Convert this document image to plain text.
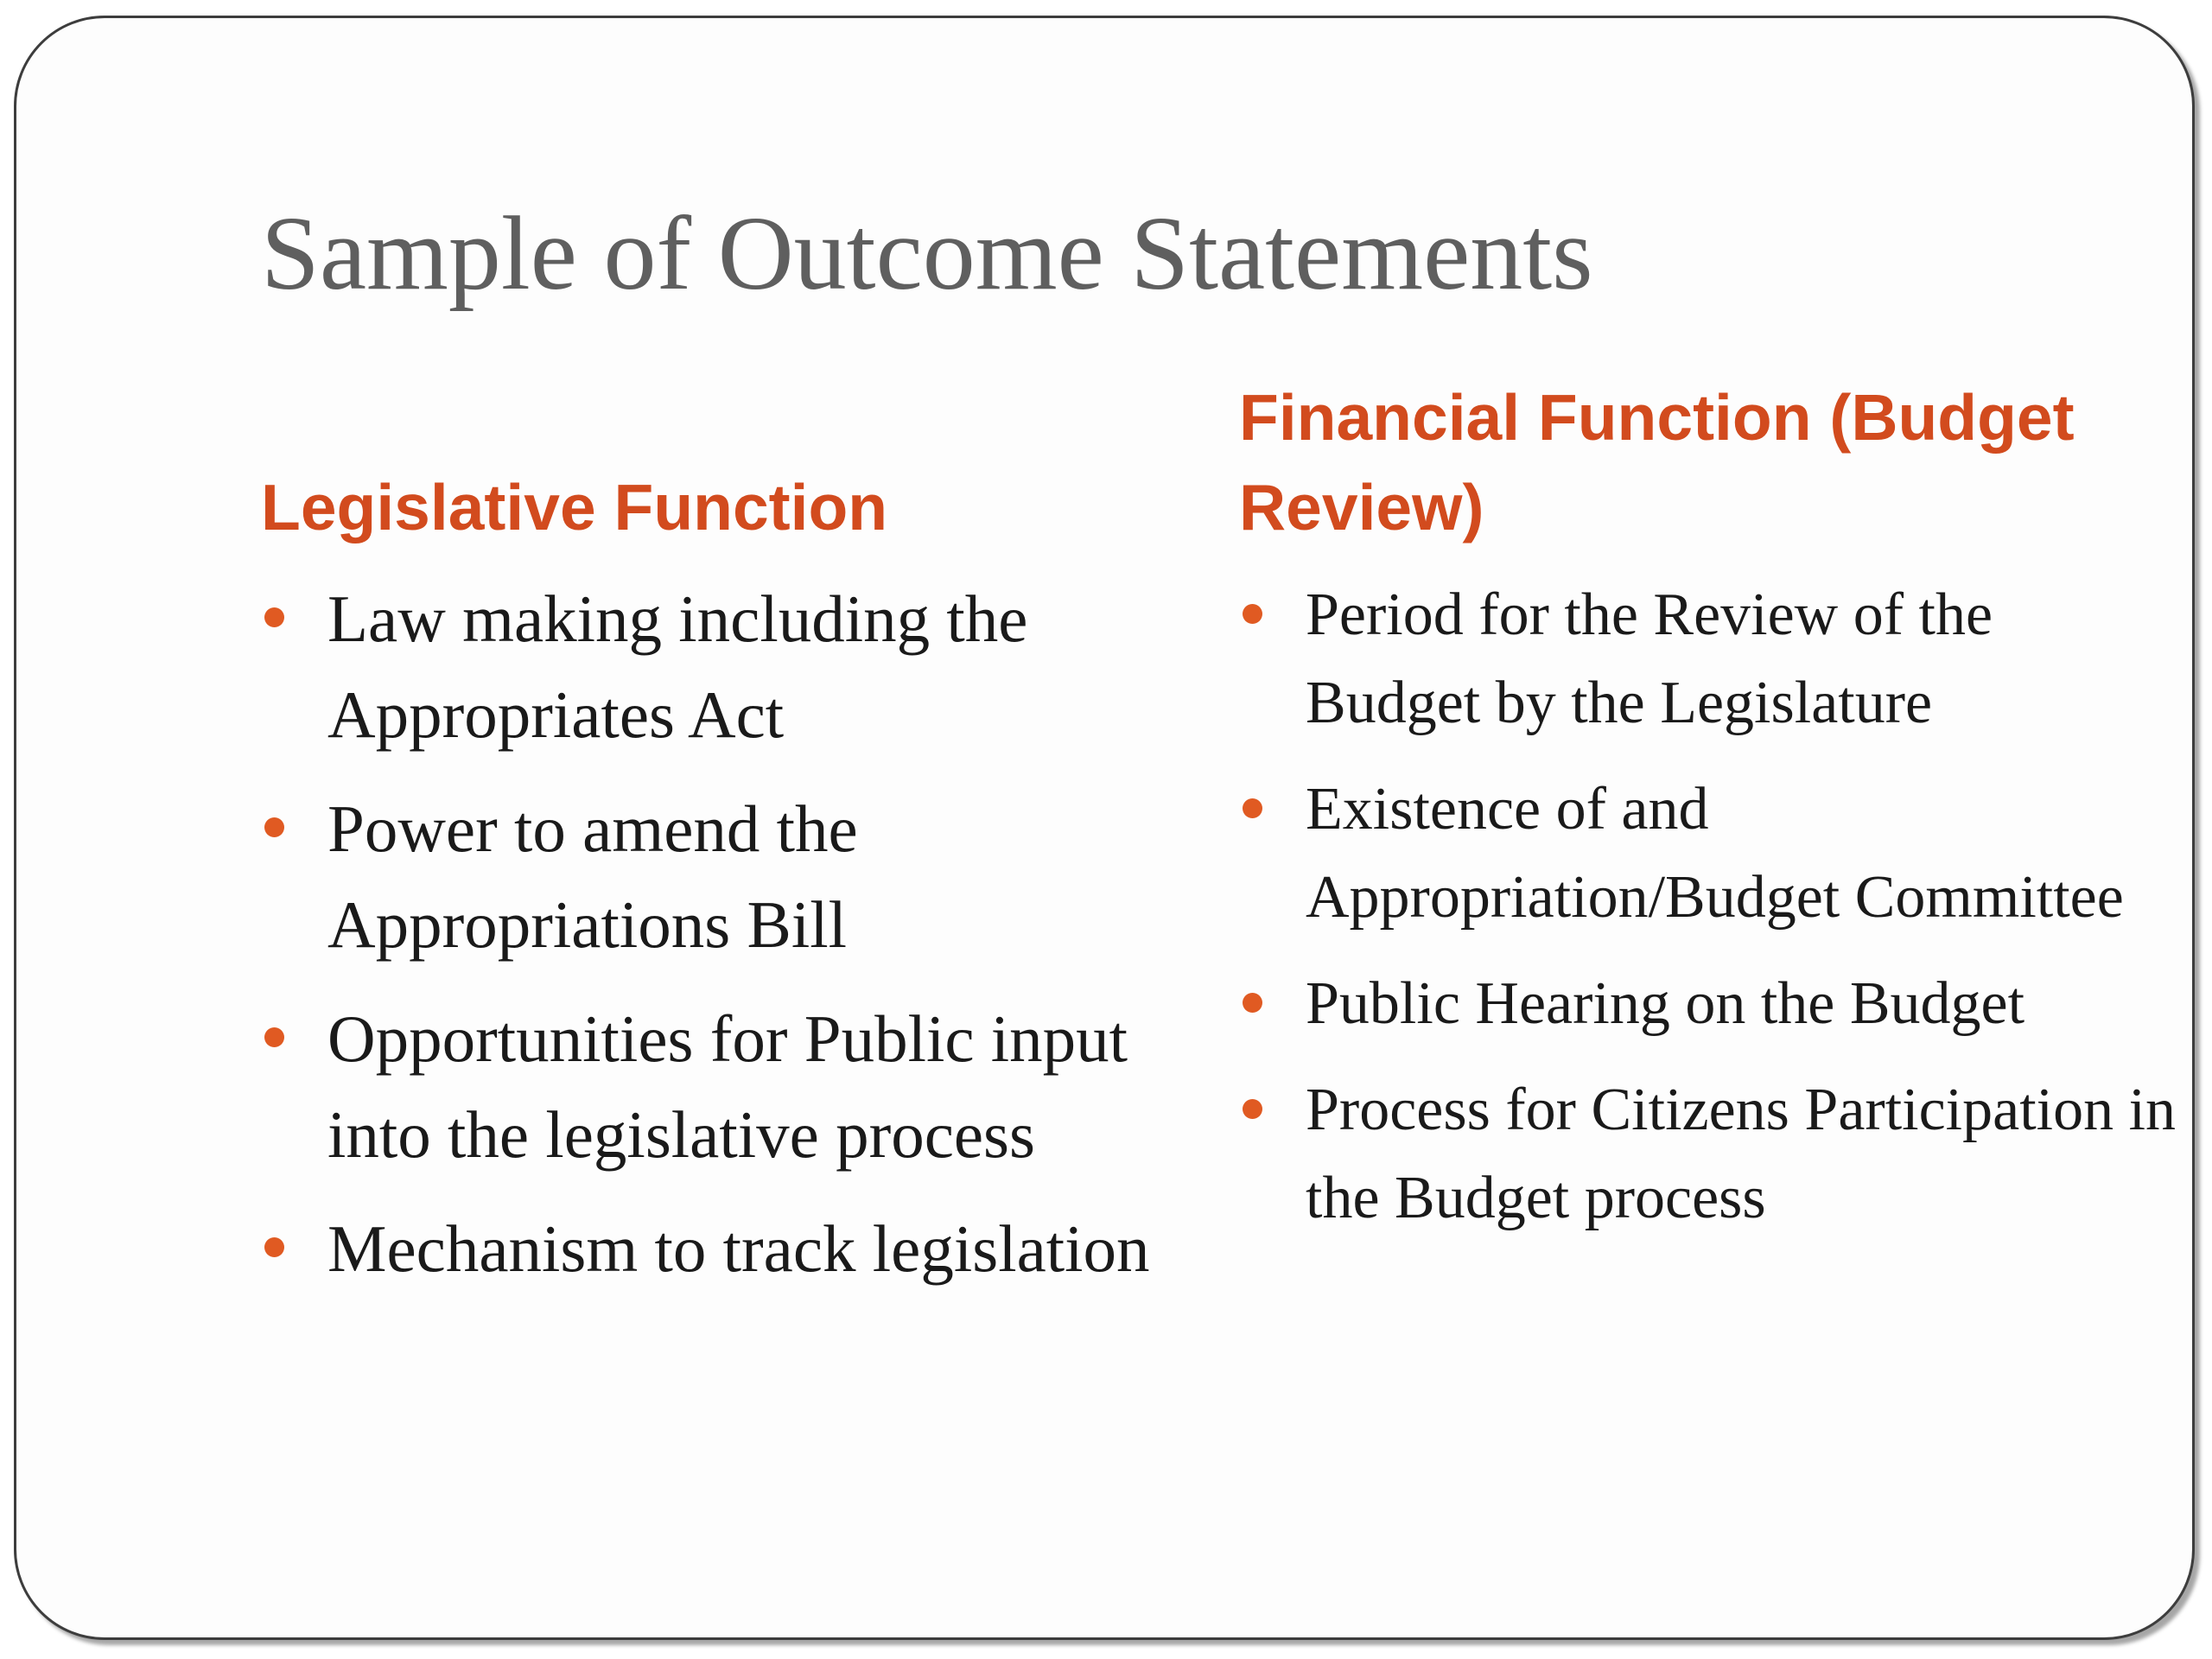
Sample of Outcome Statements
Legislative Function
Law making including the Appropriates Act
Power to amend the Appropriations Bill
Opportunities for Public input into the legislative process
Mechanism to track legislation
Financial Function (Budget Review)
Period for the Review of the Budget by the Legislature
Existence of and Appropriation/Budget Committee
Public Hearing on the Budget
Process for Citizens Participation in the Budget process
